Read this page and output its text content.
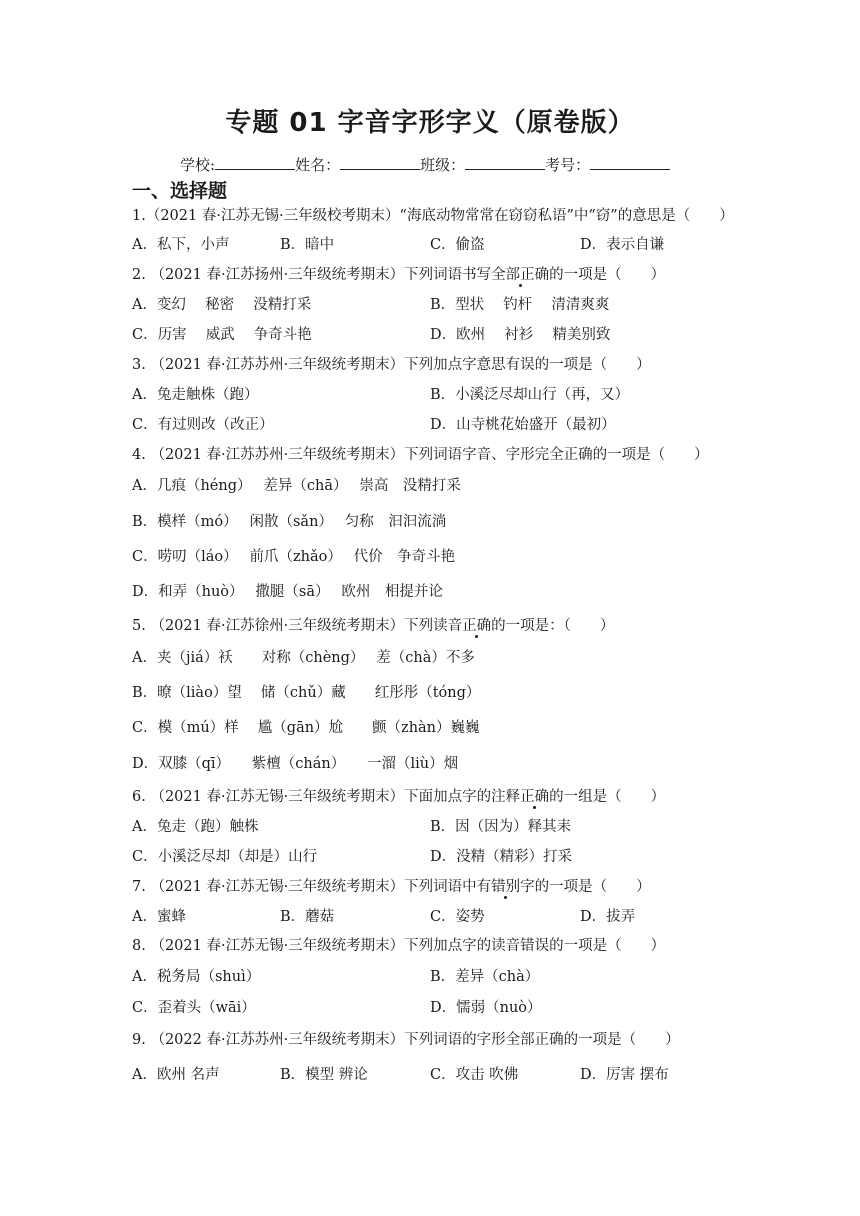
专题 01 字音字形字义（原卷版）
学校:	姓名：	班级：	考号：
一、选择题
1.（2021 春·江苏无锡·三年级校考期末）“海底动物常常在窃窃私语”中“窃”的意思是（　　）
A．私下，小声	B．暗中	C．偷盗	D．表示自谦
2. （2021 春·江苏扬州·三年级统考期末）下列词语书写全部正确的一项是（　　）
A．变幻　 秘密　 没精打采	B．型状　 钓杆　 清清爽爽
C．历害　 威武　 争奇斗艳	D．欧州　 衬衫　 精美别致
3. （2021 春·江苏苏州·三年级统考期末）下列加点字意思有误的一项是（　　）
A．兔走触株（跑）	B．小溪泛尽却山行（再，又）
C．有过则改（改正）	D．山寺桃花始盛开（最初）
4. （2021 春·江苏苏州·三年级统考期末）下列词语字音、字形完全正确的一项是（　　）
A．几痕（héng）　 差异（chā）　 崇高　没精打采
B．模样（mó）　 闲散（sǎn）　 匀称　汩汩流淌
C．唠叨（láo）　 前爪（zhǎo）　 代价　争奇斗艳
D．和弄（huò）　 撒腿（sā）　 欧州　相提并论
5. （2021 春·江苏徐州·三年级统考期末）下列读音正确的一项是：（　　）
A．夹（jiá）袄　　对称（chèng）　 差（chà）不多
B．暸（liào）望　 储（chǔ）藏　　红彤彤（tóng）
C．模（mú）样　 尴（gān）尬　　颤（zhàn）巍巍
D．双膝（qī）　　紫檀（chán）　　一溜（liù）烟
6. （2021 春·江苏无锡·三年级统考期末）下面加点字的注释正确的一组是（　　）
A．兔走（跑）触株	B．因（因为）释其耒
C．小溪泛尽却（却是）山行	D．没精（精彩）打采
7. （2021 春·江苏无锡·三年级统考期末）下列词语中有错别字的一项是（　　）
A．蜜蜂	B．蘑菇	C．姿势	D．拔弄
8. （2021 春·江苏无锡·三年级统考期末）下列加点字的读音错误的一项是（　　）
A．税务局（shuì）	B．差异（chà）
C．歪着头（wāi）	D．懦弱（nuò）
9. （2022 春·江苏苏州·三年级统考期末）下列词语的字形全部正确的一项是（　　）
A．欧州 名声	B．模型 辨论	C．攻击 吹佛	D．厉害 摆布
